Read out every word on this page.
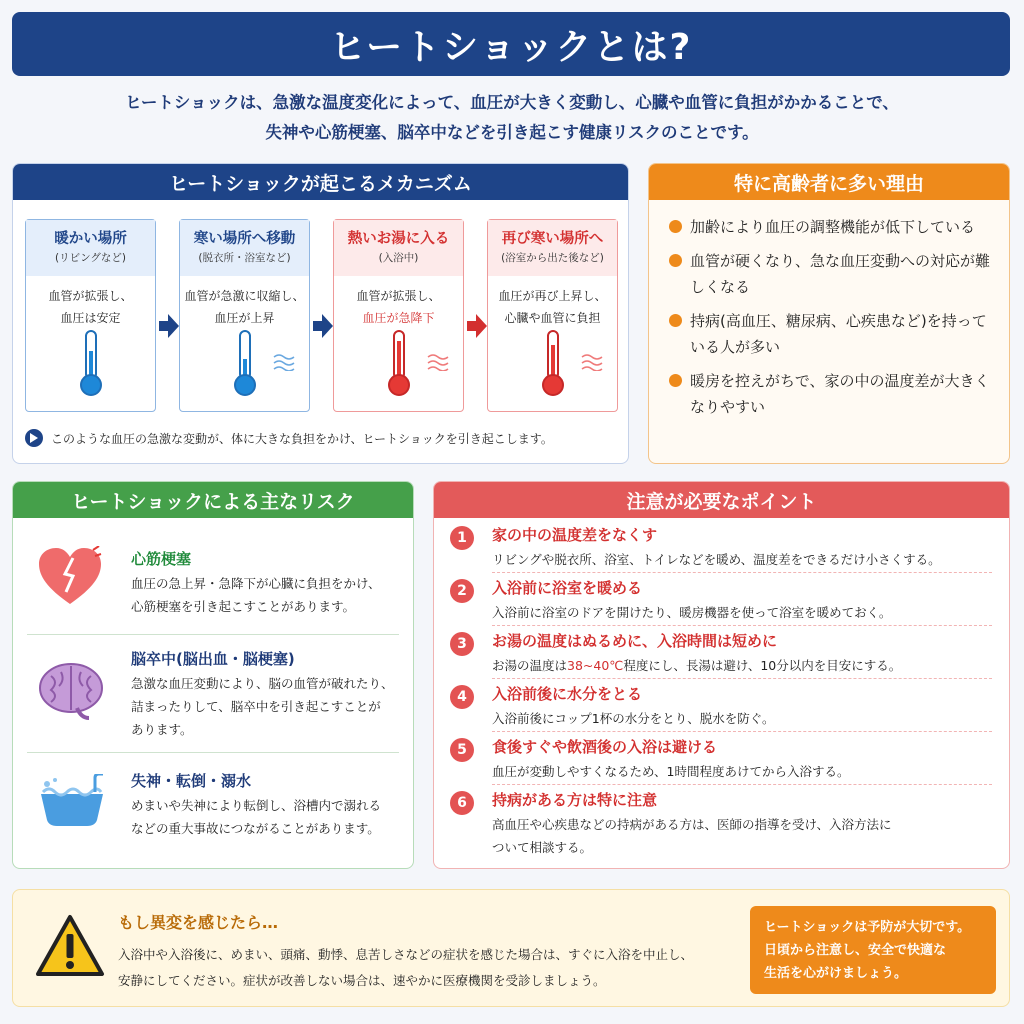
ヒートショックとは?
ヒートショックは、急激な温度変化によって、血圧が大きく変動し、心臓や血管に負担がかかることで、
失神や心筋梗塞、脳卒中などを引き起こす健康リスクのことです。
ヒートショックが起こるメカニズム
暖かい場所
(リビングなど)
血管が拡張し、
血圧は安定
寒い場所へ移動
(脱衣所・浴室など)
血管が急激に収縮し、
血圧が上昇
熱いお湯に入る
(入浴中)
血管が拡張し、
血圧が急降下
再び寒い場所へ
(浴室から出た後など)
血圧が再び上昇し、
心臓や血管に負担
このような血圧の急激な変動が、体に大きな負担をかけ、ヒートショックを引き起こします。
特に高齢者に多い理由
加齢により血圧の調整機能が低下している
血管が硬くなり、急な血圧変動への対応が難しくなる
持病(高血圧、糖尿病、心疾患など)を持っている人が多い
暖房を控えがちで、家の中の温度差が大きくなりやすい
ヒートショックによる主なリスク
心筋梗塞
血圧の急上昇・急降下が心臓に負担をかけ、
心筋梗塞を引き起こすことがあります。
脳卒中(脳出血・脳梗塞)
急激な血圧変動により、脳の血管が破れたり、
詰まったりして、脳卒中を引き起こすことが
あります。
失神・転倒・溺水
めまいや失神により転倒し、浴槽内で溺れる
などの重大事故につながることがあります。
注意が必要なポイント
1	家の中の温度差をなくす
リビングや脱衣所、浴室、トイレなどを暖め、温度差をできるだけ小さくする。
2	入浴前に浴室を暖める
入浴前に浴室のドアを開けたり、暖房機器を使って浴室を暖めておく。
3	お湯の温度はぬるめに、入浴時間は短めに
お湯の温度は38~40℃程度にし、長湯は避け、10分以内を目安にする。
4	入浴前後に水分をとる
入浴前後にコップ1杯の水分をとり、脱水を防ぐ。
5	食後すぐや飲酒後の入浴は避ける
血圧が変動しやすくなるため、1時間程度あけてから入浴する。
6	持病がある方は特に注意
高血圧や心疾患などの持病がある方は、医師の指導を受け、入浴方法に
ついて相談する。
もし異変を感じたら…
入浴中や入浴後に、めまい、頭痛、動悸、息苦しさなどの症状を感じた場合は、すぐに入浴を中止し、
安静にしてください。症状が改善しない場合は、速やかに医療機関を受診しましょう。
ヒートショックは予防が大切です。
日頃から注意し、安全で快適な
生活を心がけましょう。
